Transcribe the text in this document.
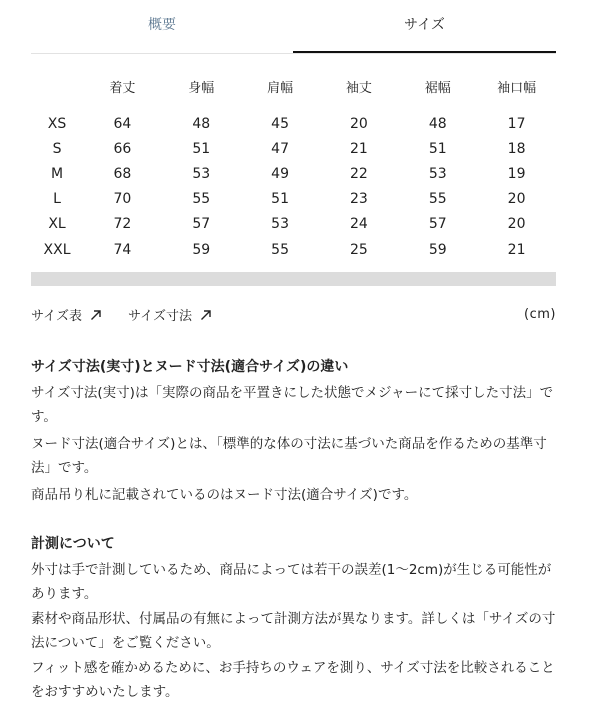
概要	サイズ
	着丈	身幅	肩幅	袖丈	裾幅	袖口幅

XS	64	48	45	20	48	17
S	66	51	47	21	51	18
M	68	53	49	22	53	19
L	70	55	51	23	55	20
XL	72	57	53	24	57	20
XXL	74	59	55	25	59	21
サイズ表	サイズ寸法	(cm)
サイズ寸法(実寸)とヌード寸法(適合サイズ)の違い

サイズ寸法(実寸)は「実際の商品を平置きにした状態でメジャーにて採寸した寸法」です。

ヌード寸法(適合サイズ)とは、「標準的な体の寸法に基づいた商品を作るための基準寸法」です。

商品吊り札に記載されているのはヌード寸法(適合サイズ)です。

計測について

外寸は手で計測しているため、商品によっては若干の誤差(1～2cm)が生じる可能性があります。

素材や商品形状、付属品の有無によって計測方法が異なります。詳しくは「サイズの寸法について」をご覧ください。

フィット感を確かめるために、お手持ちのウェアを測り、サイズ寸法を比較されることをおすすめいたします。
